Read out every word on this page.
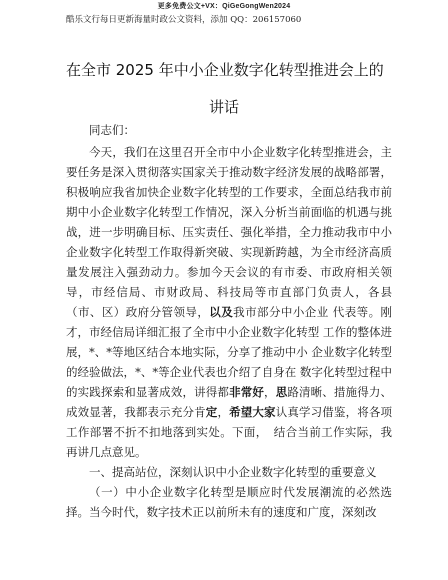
更多免费公文+VX：QiGeGongWen2024
酷乐文行每日更新海量时政公文资料，添加 QQ：206157060
在全市 2025 年中小企业数字化转型推进会上的
讲话

同志们：

今天，我们在这里召开全市中小企业数字化转型推进会，主要任务是深入贯彻落实国家关于推动数字经济发展的战略部署，积极响应我省加快企业数字化转型的工作要求，全面总结我市前期中小企业数字化转型工作情况，深入分析当前面临的机遇与挑战，进一步明确目标、压实责任、强化举措，全力推动我市中小企业数字化转型工作取得新突破、实现新跨越，为全市经济高质量发展注入强劲动力。参加今天会议的有市委、市政府相关领导，市经信局、市财政局、科技局等市直部门负责人，各县（市、区）政府分管领导，以及我市部分中小企业 代表等。刚才，市经信局详细汇报了全市中小企业数字化转型 工作的整体进展，*、*等地区结合本地实际，分享了推动中小 企业数字化转型的经验做法，*、*等企业代表也介绍了自身在 数字化转型过程中的实践探索和显著成效，讲得都非常好，思路清晰、措施得力、成效显著，我都表示充分肯定，希望大家认真学习借鉴，将各项工作部署不折不扣地落到实处。下面，　结合当前工作实际，我再讲几点意见。

一、提高站位，深刻认识中小企业数字化转型的重要意义

（一）中小企业数字化转型是顺应时代发展潮流的必然选择。当今时代，数字技术正以前所未有的速度和广度，深刻改
